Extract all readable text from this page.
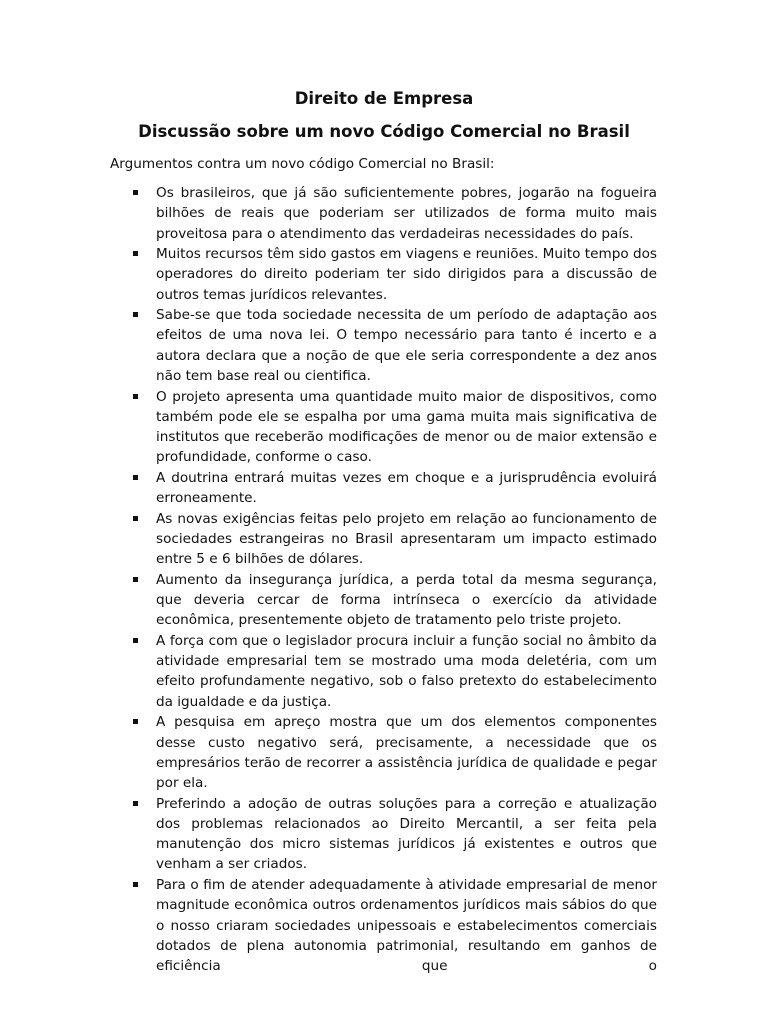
Direito de Empresa
Discussão sobre um novo Código Comercial no Brasil
Argumentos contra um novo código Comercial no Brasil:
Os brasileiros, que já são suficientemente pobres, jogarão na fogueira bilhões de reais que poderiam ser utilizados de forma muito mais proveitosa para o atendimento das verdadeiras necessidades do país.
Muitos recursos têm sido gastos em viagens e reuniões. Muito tempo dos operadores do direito poderiam ter sido dirigidos para a discussão de outros temas jurídicos relevantes.
Sabe-se que toda sociedade necessita de um período de adaptação aos efeitos de uma nova lei. O tempo necessário para tanto é incerto e a autora declara que a noção de que ele seria correspondente a dez anos não tem base real ou cientifica.
O projeto apresenta uma quantidade muito maior de dispositivos, como também pode ele se espalha por uma gama muita mais significativa de institutos que receberão modificações de menor ou de maior extensão e profundidade, conforme o caso.
A doutrina entrará muitas vezes em choque e a jurisprudência evoluirá erroneamente.
As novas exigências feitas pelo projeto em relação ao funcionamento de sociedades estrangeiras no Brasil apresentaram um impacto estimado entre 5 e 6 bilhões de dólares.
Aumento da insegurança jurídica, a perda total da mesma segurança, que deveria cercar de forma intrínseca o exercício da atividade econômica, presentemente objeto de tratamento pelo triste projeto.
A força com que o legislador procura incluir a função social no âmbito da atividade empresarial tem se mostrado uma moda deletéria, com um efeito profundamente negativo, sob o falso pretexto do estabelecimento da igualdade e da justiça.
A pesquisa em apreço mostra que um dos elementos componentes desse custo negativo será, precisamente, a necessidade que os empresários terão de recorrer a assistência jurídica de qualidade e pegar por ela.
Preferindo a adoção de outras soluções para a correção e atualização dos problemas relacionados ao Direito Mercantil, a ser feita pela manutenção dos micro sistemas jurídicos já existentes e outros que venham a ser criados.
Para o fim de atender adequadamente à atividade empresarial de menor magnitude econômica outros ordenamentos jurídicos mais sábios do que o nosso criaram sociedades unipessoais e estabelecimentos comerciais dotados de plena autonomia patrimonial, resultando em ganhos de eficiência que o
